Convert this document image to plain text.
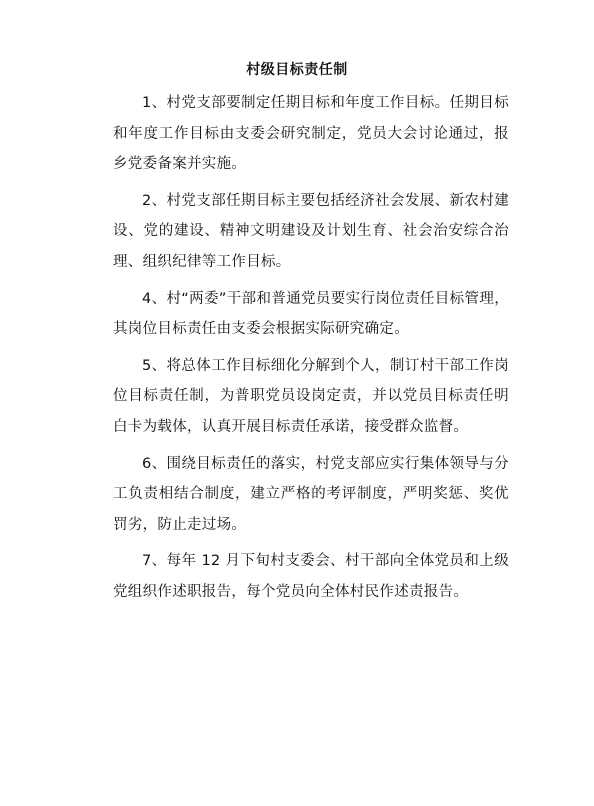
村级目标责任制

1、村党支部要制定任期目标和年度工作目标。任期目标和年度工作目标由支委会研究制定，党员大会讨论通过，报乡党委备案并实施。

2、村党支部任期目标主要包括经济社会发展、新农村建设、党的建设、精神文明建设及计划生育、社会治安综合治理、组织纪律等工作目标。

4、村“两委”干部和普通党员要实行岗位责任目标管理，其岗位目标责任由支委会根据实际研究确定。

5、将总体工作目标细化分解到个人，制订村干部工作岗位目标责任制，为普职党员设岗定责，并以党员目标责任明白卡为载体，认真开展目标责任承诺，接受群众监督。

6、围绕目标责任的落实，村党支部应实行集体领导与分工负责相结合制度，建立严格的考评制度，严明奖惩、奖优罚劣，防止走过场。

7、每年 12 月下旬村支委会、村干部向全体党员和上级党组织作述职报告，每个党员向全体村民作述责报告。
